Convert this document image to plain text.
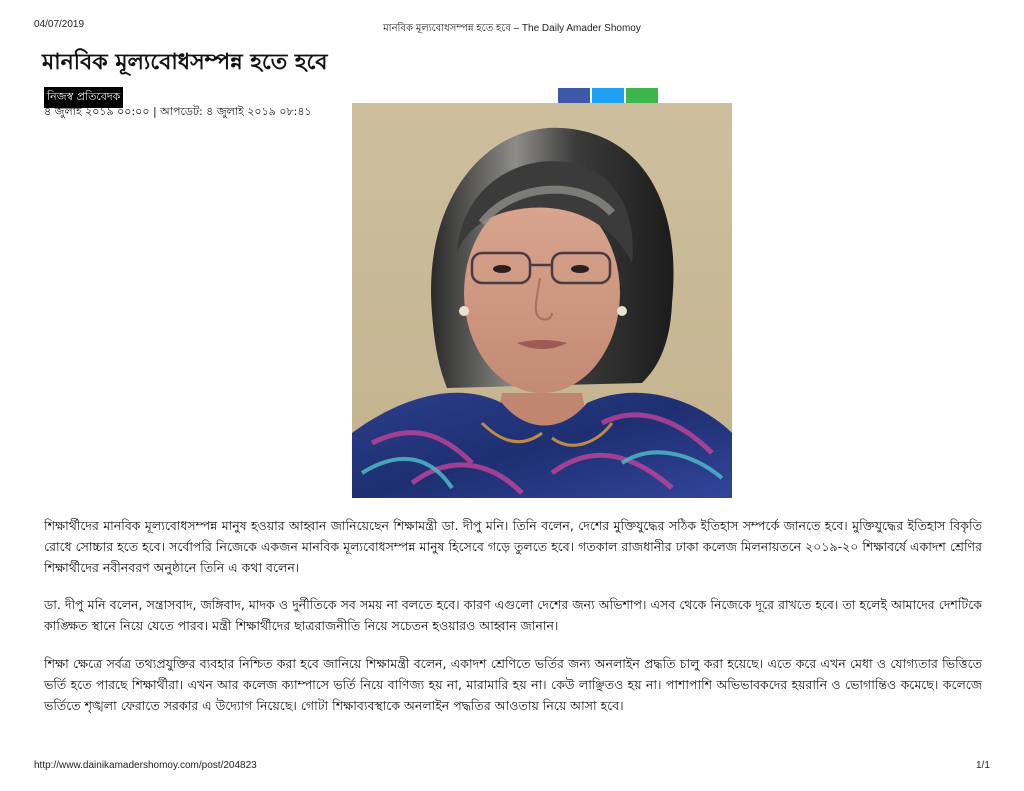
04/07/2019	মানবিক মূল্যবোধসম্পন্ন হতে হবে – The Daily Amader Shomoy
মানবিক মূল্যবোধসম্পন্ন হতে হবে
নিজস্ব প্রতিবেদক
৪ জুলাই ২০১৯ ০০:০০ | আপডেট: ৪ জুলাই ২০১৯ ০৮:৪১

শিক্ষার্থীদের মানবিক মূল্যবোধসম্পন্ন মানুষ হওয়ার আহ্বান জানিয়েছেন শিক্ষামন্ত্রী ডা. দীপু মনি। তিনি বলেন, দেশের মুক্তিযুদ্ধের সঠিক ইতিহাস সম্পর্কে জানতে হবে। মুক্তিযুদ্ধের ইতিহাস বিকৃতি রোধে সোচ্চার হতে হবে। সর্বোপরি নিজেকে একজন মানবিক মূল্যবোধসম্পন্ন মানুষ হিসেবে গড়ে তুলতে হবে। গতকাল রাজধানীর ঢাকা কলেজ মিলনায়তনে ২০১৯-২০ শিক্ষাবর্ষে একাদশ শ্রেণির শিক্ষার্থীদের নবীনবরণ অনুষ্ঠানে তিনি এ কথা বলেন।

ডা. দীপু মনি বলেন, সন্ত্রাসবাদ, জঙ্গিবাদ, মাদক ও দুর্নীতিকে সব সময় না বলতে হবে। কারণ এগুলো দেশের জন্য অভিশাপ। এসব থেকে নিজেকে দূরে রাখতে হবে। তা হলেই আমাদের দেশটিকে কাঙ্ক্ষিত স্থানে নিয়ে যেতে পারব। মন্ত্রী শিক্ষার্থীদের ছাত্ররাজনীতি নিয়ে সচেতন হওয়ারও আহ্বান জানান।

শিক্ষা ক্ষেত্রে সর্বত্র তথ্যপ্রযুক্তির ব্যবহার নিশ্চিত করা হবে জানিয়ে শিক্ষামন্ত্রী বলেন, একাদশ শ্রেণিতে ভর্তির জন্য অনলাইন প্রদ্ধতি চালু করা হয়েছে। এতে করে এখন মেধা ও যোগ্যতার ভিত্তিতে ভর্তি হতে পারছে শিক্ষার্থীরা। এখন আর কলেজ ক্যাম্পাসে ভর্তি নিয়ে বাণিজ্য হয় না, মারামারি হয় না। কেউ লাঞ্ছিতও হয় না। পাশাপাশি অভিভাবকদের হয়রানি ও ভোগান্তিও কমেছে। কলেজে ভর্তিতে শৃঙ্খলা ফেরাতে সরকার এ উদ্যোগ নিয়েছে। গোটা শিক্ষাব্যবস্থাকে অনলাইন পদ্ধতির আওতায় নিয়ে আসা হবে।

http://www.dainikamadershomoy.com/post/204823	1/1
